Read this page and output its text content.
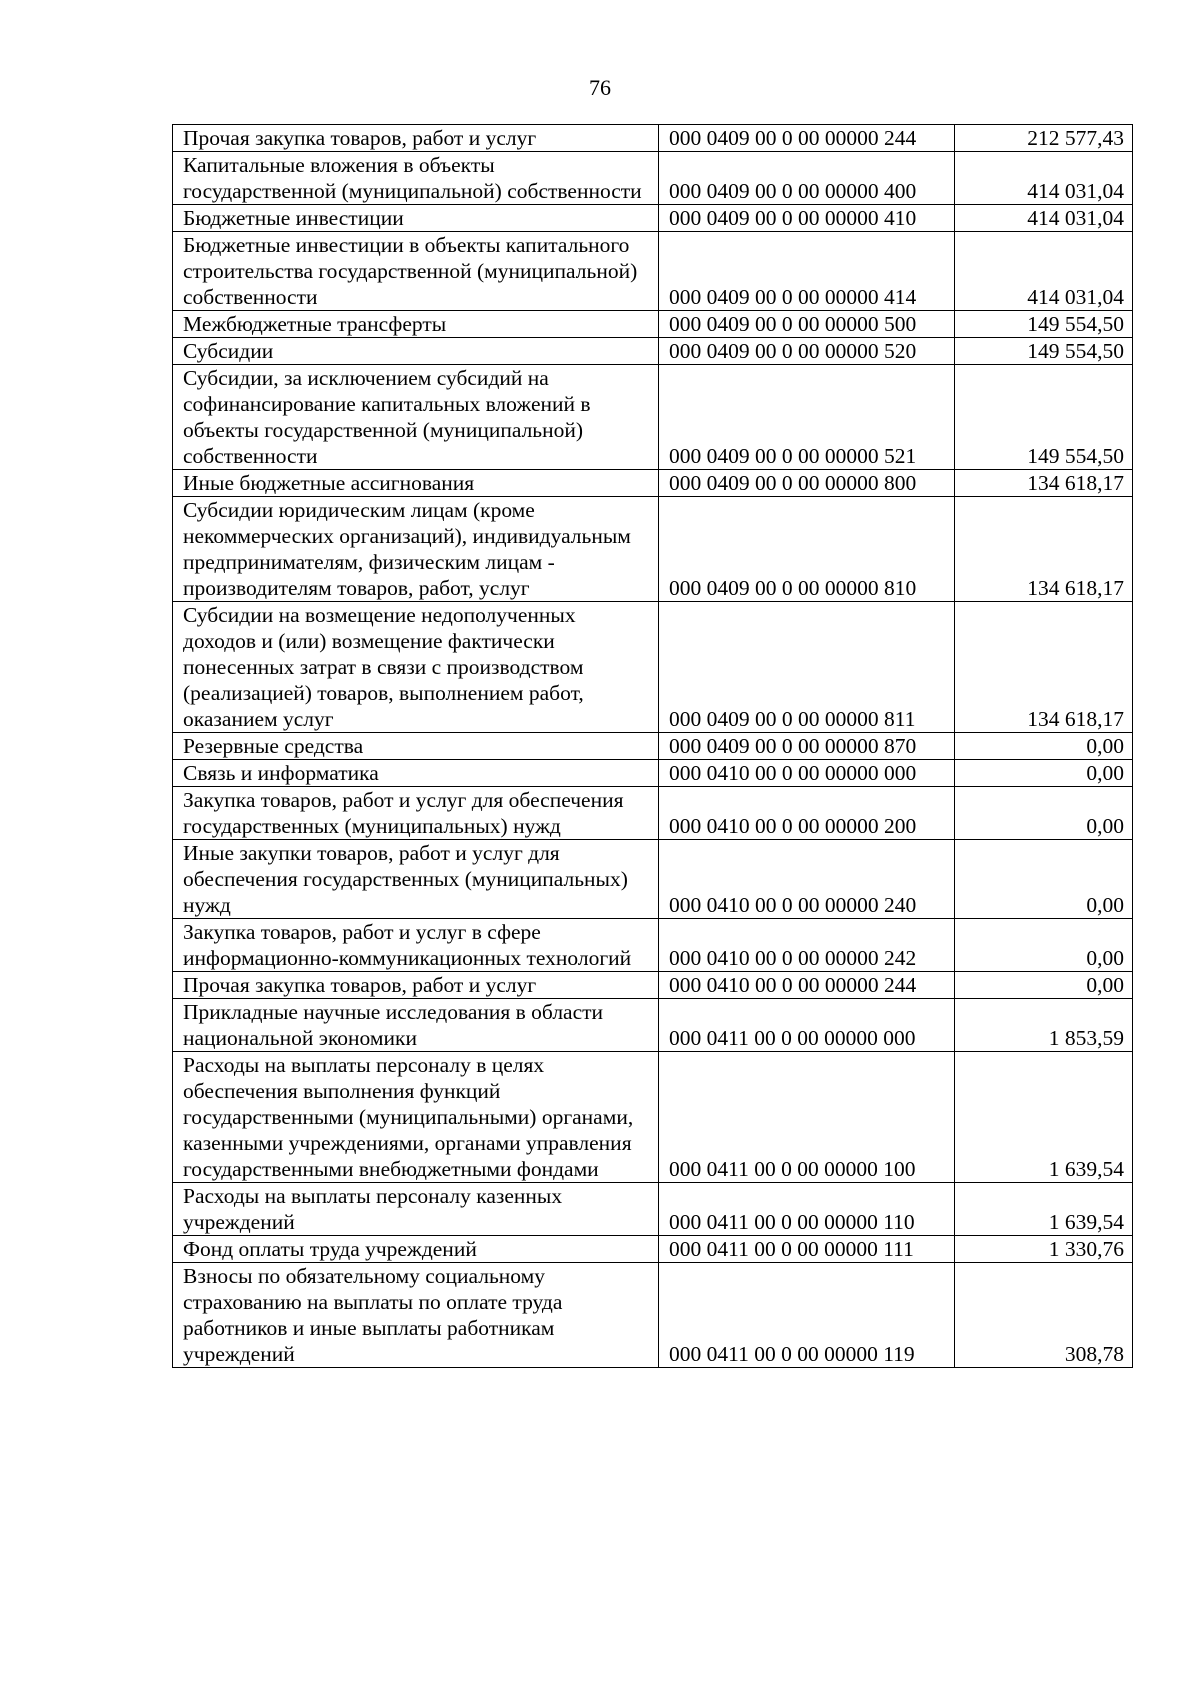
76
Прочая закупка товаров, работ и услуг	000 0409 00 0 00 00000 244	212 577,43
Капитальные вложения в объекты государственной (муниципальной) собственности	000 0409 00 0 00 00000 400	414 031,04
Бюджетные инвестиции	000 0409 00 0 00 00000 410	414 031,04
Бюджетные инвестиции в объекты капитального строительства государственной (муниципальной) собственности	000 0409 00 0 00 00000 414	414 031,04
Межбюджетные трансферты	000 0409 00 0 00 00000 500	149 554,50
Субсидии	000 0409 00 0 00 00000 520	149 554,50
Субсидии, за исключением субсидий на софинансирование капитальных вложений в объекты государственной (муниципальной) собственности	000 0409 00 0 00 00000 521	149 554,50
Иные бюджетные ассигнования	000 0409 00 0 00 00000 800	134 618,17
Субсидии юридическим лицам (кроме некоммерческих организаций), индивидуальным предпринимателям, физическим лицам - производителям товаров, работ, услуг	000 0409 00 0 00 00000 810	134 618,17
Субсидии на возмещение недополученных доходов и (или) возмещение фактически понесенных затрат в связи с производством (реализацией) товаров, выполнением работ, оказанием услуг	000 0409 00 0 00 00000 811	134 618,17
Резервные средства	000 0409 00 0 00 00000 870	0,00
Связь и информатика	000 0410 00 0 00 00000 000	0,00
Закупка товаров, работ и услуг для обеспечения государственных (муниципальных) нужд	000 0410 00 0 00 00000 200	0,00
Иные закупки товаров, работ и услуг для обеспечения государственных (муниципальных) нужд	000 0410 00 0 00 00000 240	0,00
Закупка товаров, работ и услуг в сфере информационно-коммуникационных технологий	000 0410 00 0 00 00000 242	0,00
Прочая закупка товаров, работ и услуг	000 0410 00 0 00 00000 244	0,00
Прикладные научные исследования в области национальной экономики	000 0411 00 0 00 00000 000	1 853,59
Расходы на выплаты персоналу в целях обеспечения выполнения функций государственными (муниципальными) органами, казенными учреждениями, органами управления государственными внебюджетными фондами	000 0411 00 0 00 00000 100	1 639,54
Расходы на выплаты персоналу казенных учреждений	000 0411 00 0 00 00000 110	1 639,54
Фонд оплаты труда учреждений	000 0411 00 0 00 00000 111	1 330,76
Взносы по обязательному социальному страхованию на выплаты по оплате труда работников и иные выплаты работникам учреждений	000 0411 00 0 00 00000 119	308,78
